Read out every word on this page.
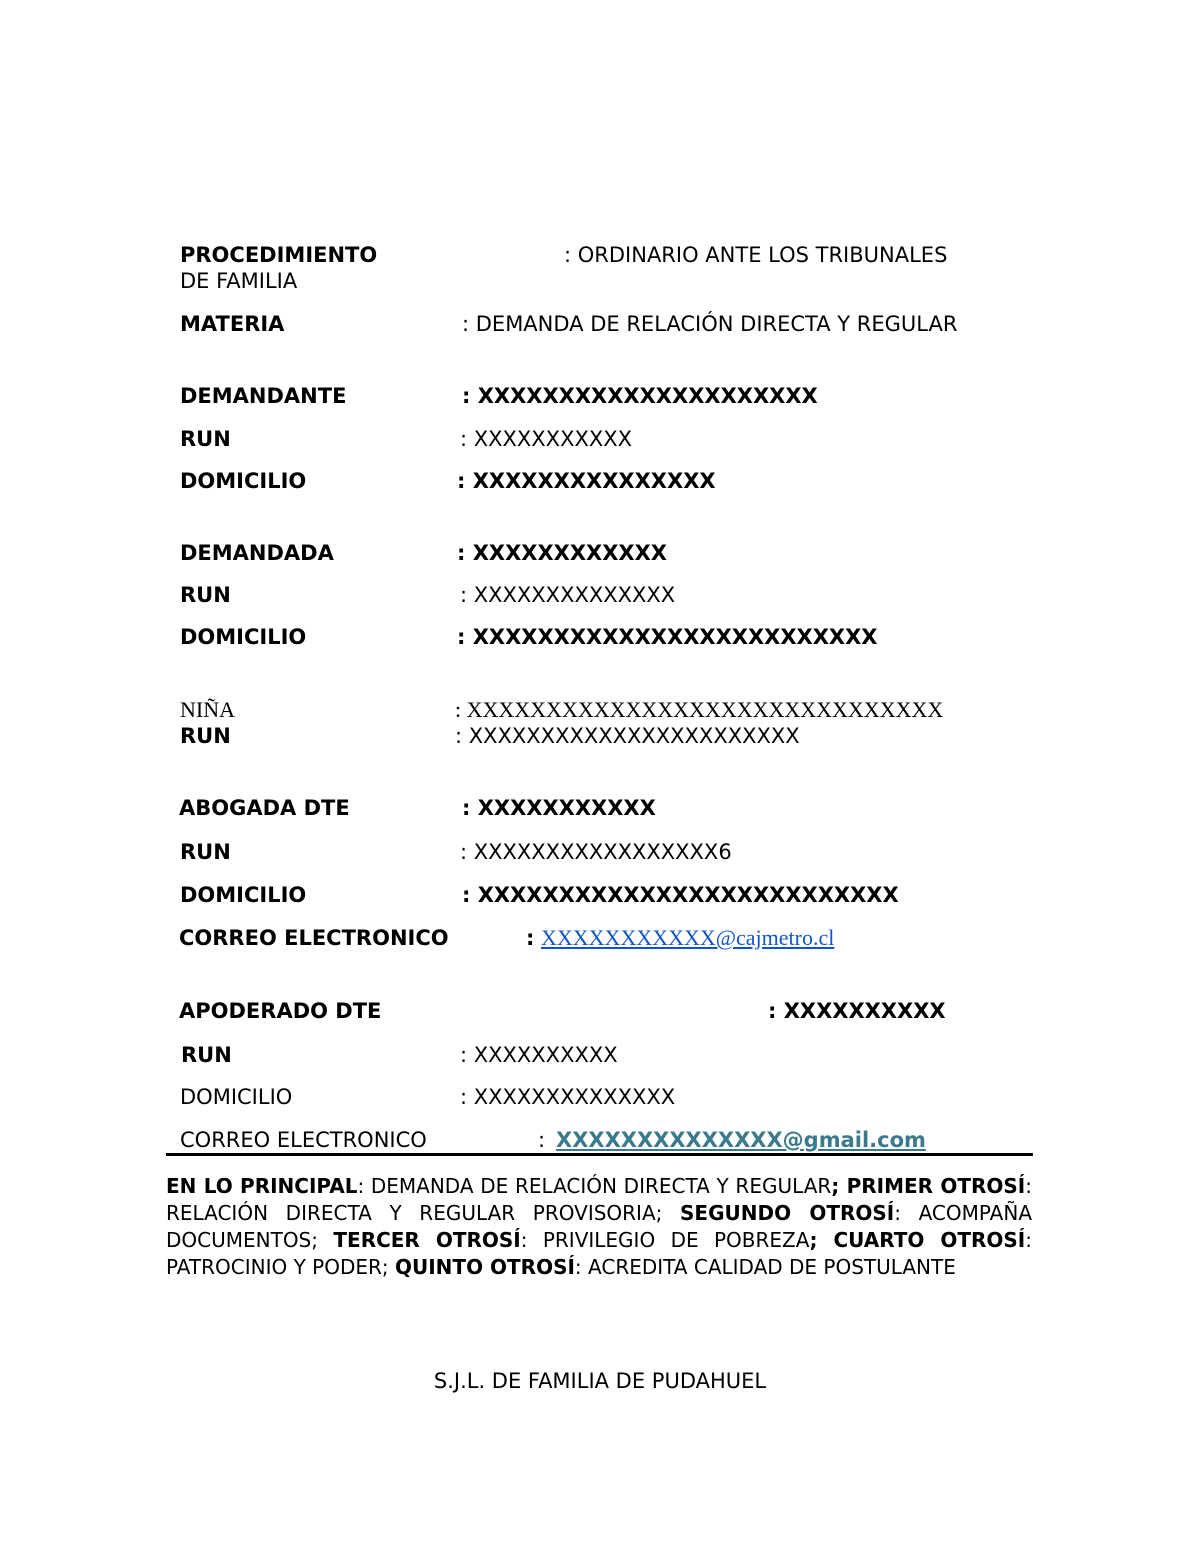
PROCEDIMIENTO	: ORDINARIO ANTE LOS TRIBUNALES
DE FAMILIA
MATERIA	: DEMANDA DE RELACIÓN DIRECTA Y REGULAR
DEMANDANTE	: XXXXXXXXXXXXXXXXXXXXX
RUN	: XXXXXXXXXXX
DOMICILIO	: XXXXXXXXXXXXXXX
DEMANDADA	: XXXXXXXXXXXX
RUN	: XXXXXXXXXXXXXX
DOMICILIO	: XXXXXXXXXXXXXXXXXXXXXXXXX
NIÑA	: XXXXXXXXXXXXXXXXXXXXXXXXXXXXXX
RUN	: XXXXXXXXXXXXXXXXXXXXXXX
ABOGADA DTE	: XXXXXXXXXXX
RUN	: XXXXXXXXXXXXXXXXX6
DOMICILIO	: XXXXXXXXXXXXXXXXXXXXXXXXXX
CORREO ELECTRONICO	: XXXXXXXXXXX@cajmetro.cl
APODERADO DTE	: XXXXXXXXXX
RUN	: XXXXXXXXXX
DOMICILIO	: XXXXXXXXXXXXXX
CORREO ELECTRONICO	: XXXXXXXXXXXXXX@gmail.com
EN LO PRINCIPAL: DEMANDA DE RELACIÓN DIRECTA Y REGULAR; PRIMER OTROSÍ: RELACIÓN DIRECTA Y REGULAR PROVISORIA; SEGUNDO OTROSÍ: ACOMPAÑA DOCUMENTOS; TERCER OTROSÍ: PRIVILEGIO DE POBREZA; CUARTO OTROSÍ: PATROCINIO Y PODER; QUINTO OTROSÍ: ACREDITA CALIDAD DE POSTULANTE
S.J.L. DE FAMILIA DE PUDAHUEL
